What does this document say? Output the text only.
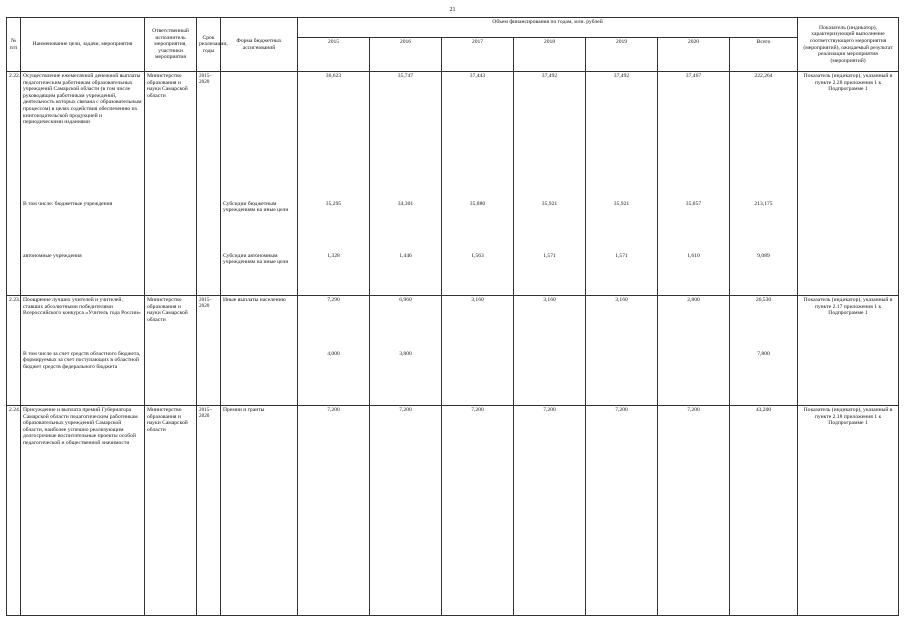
21
№ п/п	Наименование цели, задачи, мероприятия	Ответственный исполнитель мероприятия, участники мероприятия	Срок реализации, годы	Форма бюджетных ассигнований	Объем финансирования по годам, млн. рублей							Показатель (индикатор), характеризующий выполнение соответствующего мероприятия (мероприятий), ожидаемый результат реализации мероприятия (мероприятий)
					2015	2016	2017	2018	2019	2020	Всего	
2.22.	Осуществление ежемесячной денежной выплаты педагогическим работникам образовательных учреждений Самарской области (в том числе руководящим работникам учреждений, деятельность которых связана с образовательным процессом) в целях содействия обеспечению их книгоиздательской продукцией и периодическими изданиями	Министерство образования и науки Самарской области	2015–2020		36,623	35,747	37,443	37,492	37,492	37,467	222,264	Показатель (индикатор), указанный в пункте 2.28 приложения 1 к Подпрограмме 1
	В том числе: бюджетные учреждения			Субсидии бюджетным учреждениям на иные цели	35,295	34,301	35,880	35,921	35,921	35,857	213,175	
	автономные учреждения			Субсидии автономным учреждениям на иные цели	1,328	1,446	1,563	1,571	1,571	1,610	9,089	
2.23.	Поощрение лучших учителей и учителей, ставших абсолютными победителями Всероссийского конкурса «Учитель года России»	Министерство образования и науки Самарской области	2015–2020	Иные выплаты населению	7,290	6,960	3,160	3,160	3,160	2,800	26,530	Показатель (индикатор), указанный в пункте 2.17 приложения 1 к Подпрограмме 1
	В том числе за счет средств областного бюджета, формируемых за счет поступающих в областной бюджет средств федерального бюджета				4,000	3,800					7,800	
2.24.	Присуждение и выплата премий Губернатора Самарской области педагогическим работникам образовательных учреждений Самарской области, наиболее успешно реализующим долгосрочные воспитательные проекты особой педагогической и общественной значимости	Министерство образования и науки Самарской области	2015–2020	Премии и гранты	7,200	7,200	7,200	7,200	7,200	7,200	43,200	Показатель (индикатор), указанный в пункте 2.18 приложения 1 к Подпрограмме 1
